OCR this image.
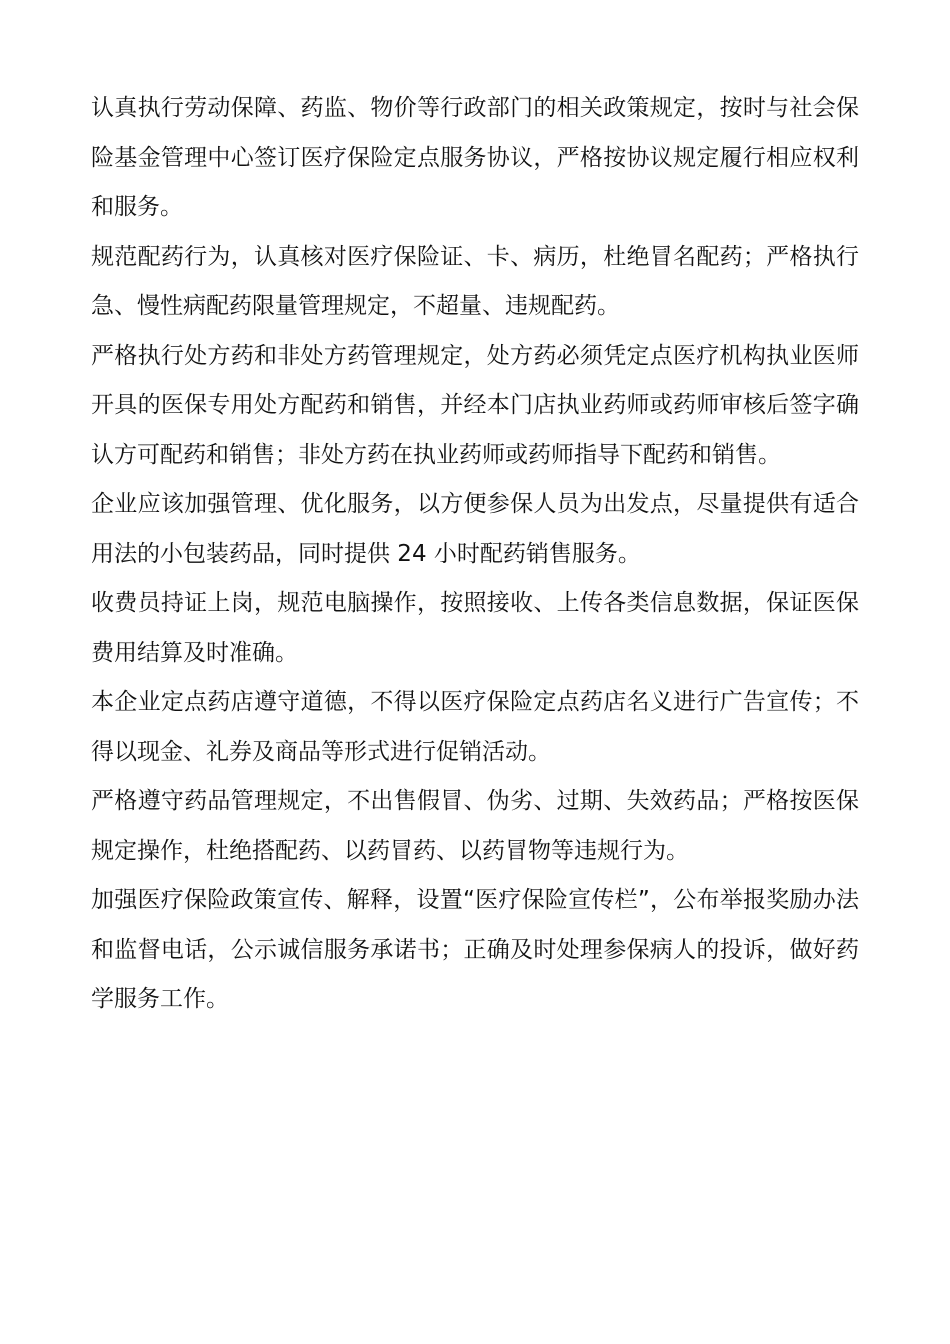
认真执行劳动保障、药监、物价等行政部门的相关政策规定，按时与社会保险基金管理中心签订医疗保险定点服务协议，严格按协议规定履行相应权利和服务。

规范配药行为，认真核对医疗保险证、卡、病历，杜绝冒名配药；严格执行急、慢性病配药限量管理规定，不超量、违规配药。

严格执行处方药和非处方药管理规定，处方药必须凭定点医疗机构执业医师开具的医保专用处方配药和销售，并经本门店执业药师或药师审核后签字确认方可配药和销售；非处方药在执业药师或药师指导下配药和销售。

企业应该加强管理、优化服务，以方便参保人员为出发点，尽量提供有适合用法的小包装药品，同时提供 24 小时配药销售服务。

收费员持证上岗，规范电脑操作，按照接收、上传各类信息数据，保证医保费用结算及时准确。

本企业定点药店遵守道德，不得以医疗保险定点药店名义进行广告宣传；不得以现金、礼券及商品等形式进行促销活动。

严格遵守药品管理规定，不出售假冒、伪劣、过期、失效药品；严格按医保规定操作，杜绝搭配药、以药冒药、以药冒物等违规行为。

加强医疗保险政策宣传、解释，设置“医疗保险宣传栏”，公布举报奖励办法和监督电话，公示诚信服务承诺书；正确及时处理参保病人的投诉，做好药学服务工作。
